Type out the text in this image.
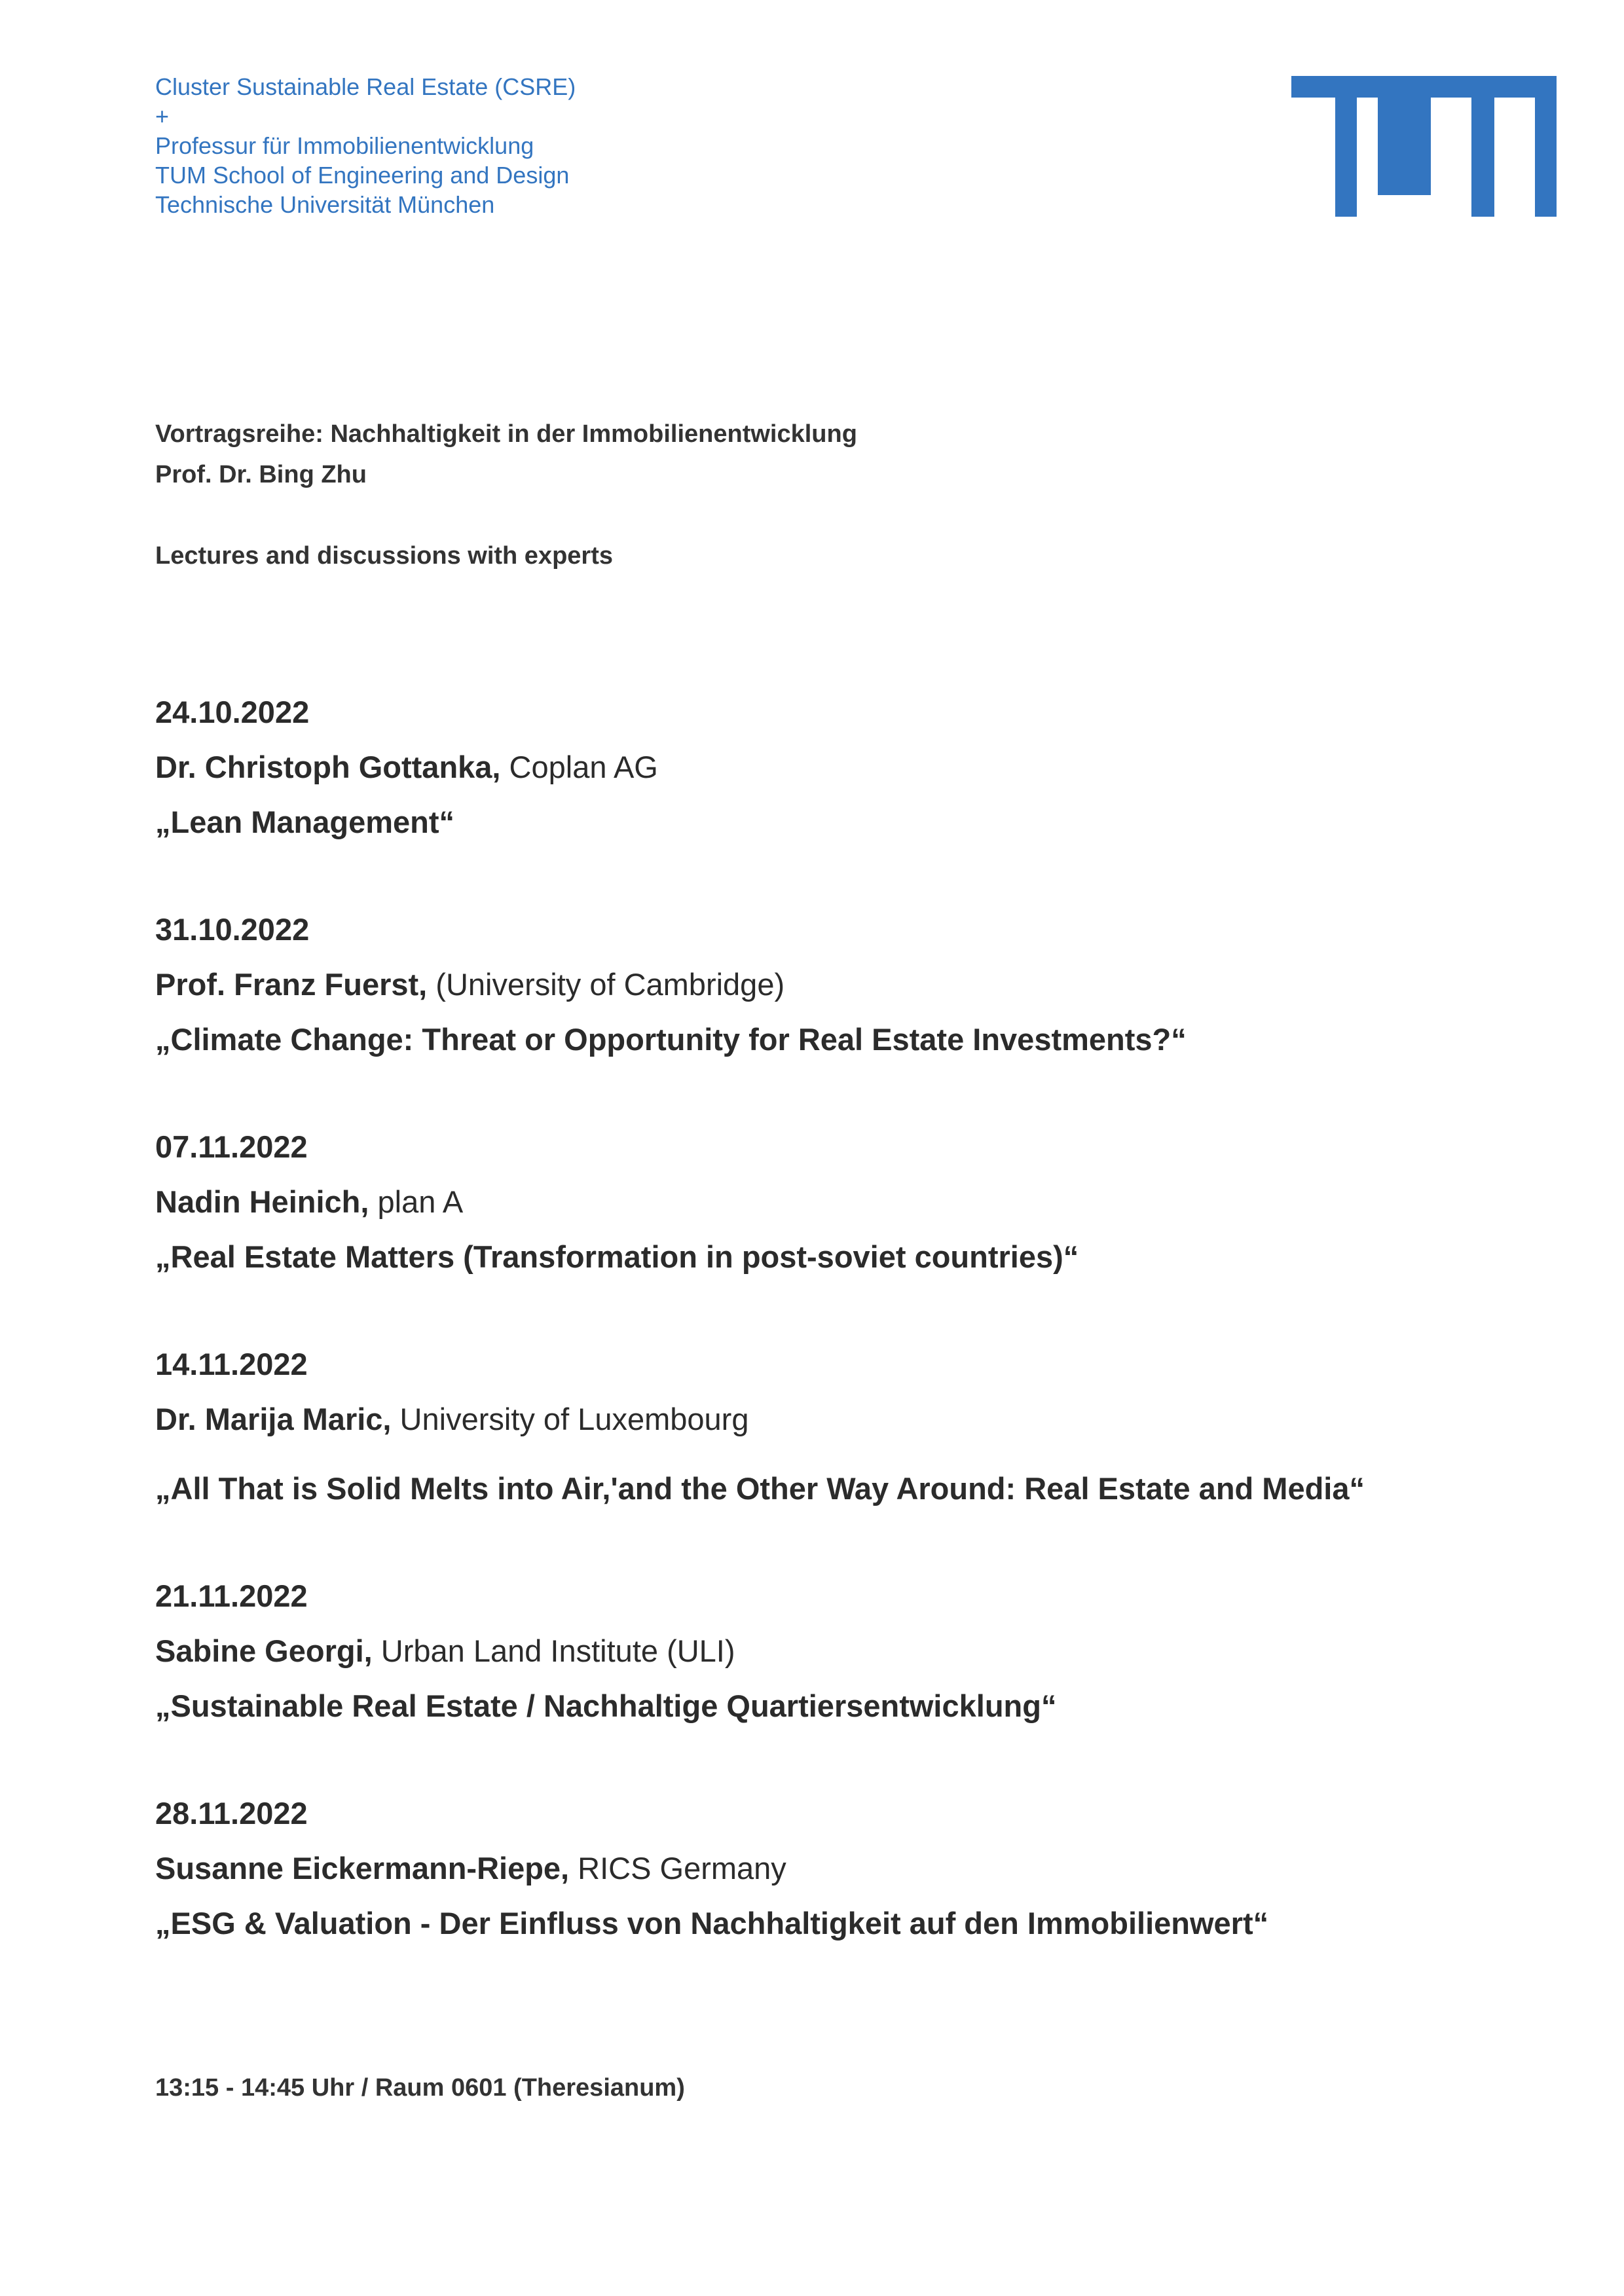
Cluster Sustainable Real Estate (CSRE)
+
Professur für Immobilienentwicklung
TUM School of Engineering and Design
Technische Universität München
Vortragsreihe: Nachhaltigkeit in der Immobilienentwicklung
Prof. Dr. Bing Zhu
Lectures and discussions with experts
24.10.2022
Dr. Christoph Gottanka, Coplan AG
„Lean Management“
31.10.2022
Prof. Franz Fuerst, (University of Cambridge)
„Climate Change: Threat or Opportunity for Real Estate Investments?“
07.11.2022
Nadin Heinich, plan A
„Real Estate Matters (Transformation in post-soviet countries)“
14.11.2022
Dr. Marija Maric, University of Luxembourg
„All That is Solid Melts into Air,'and the Other Way Around: Real Estate and Media“
21.11.2022
Sabine Georgi, Urban Land Institute (ULI)
„Sustainable Real Estate / Nachhaltige Quartiersentwicklung“
28.11.2022
Susanne Eickermann-Riepe, RICS Germany
„ESG & Valuation - Der Einfluss von Nachhaltigkeit auf den Immobilienwert“
13:15 - 14:45 Uhr / Raum 0601 (Theresianum)
